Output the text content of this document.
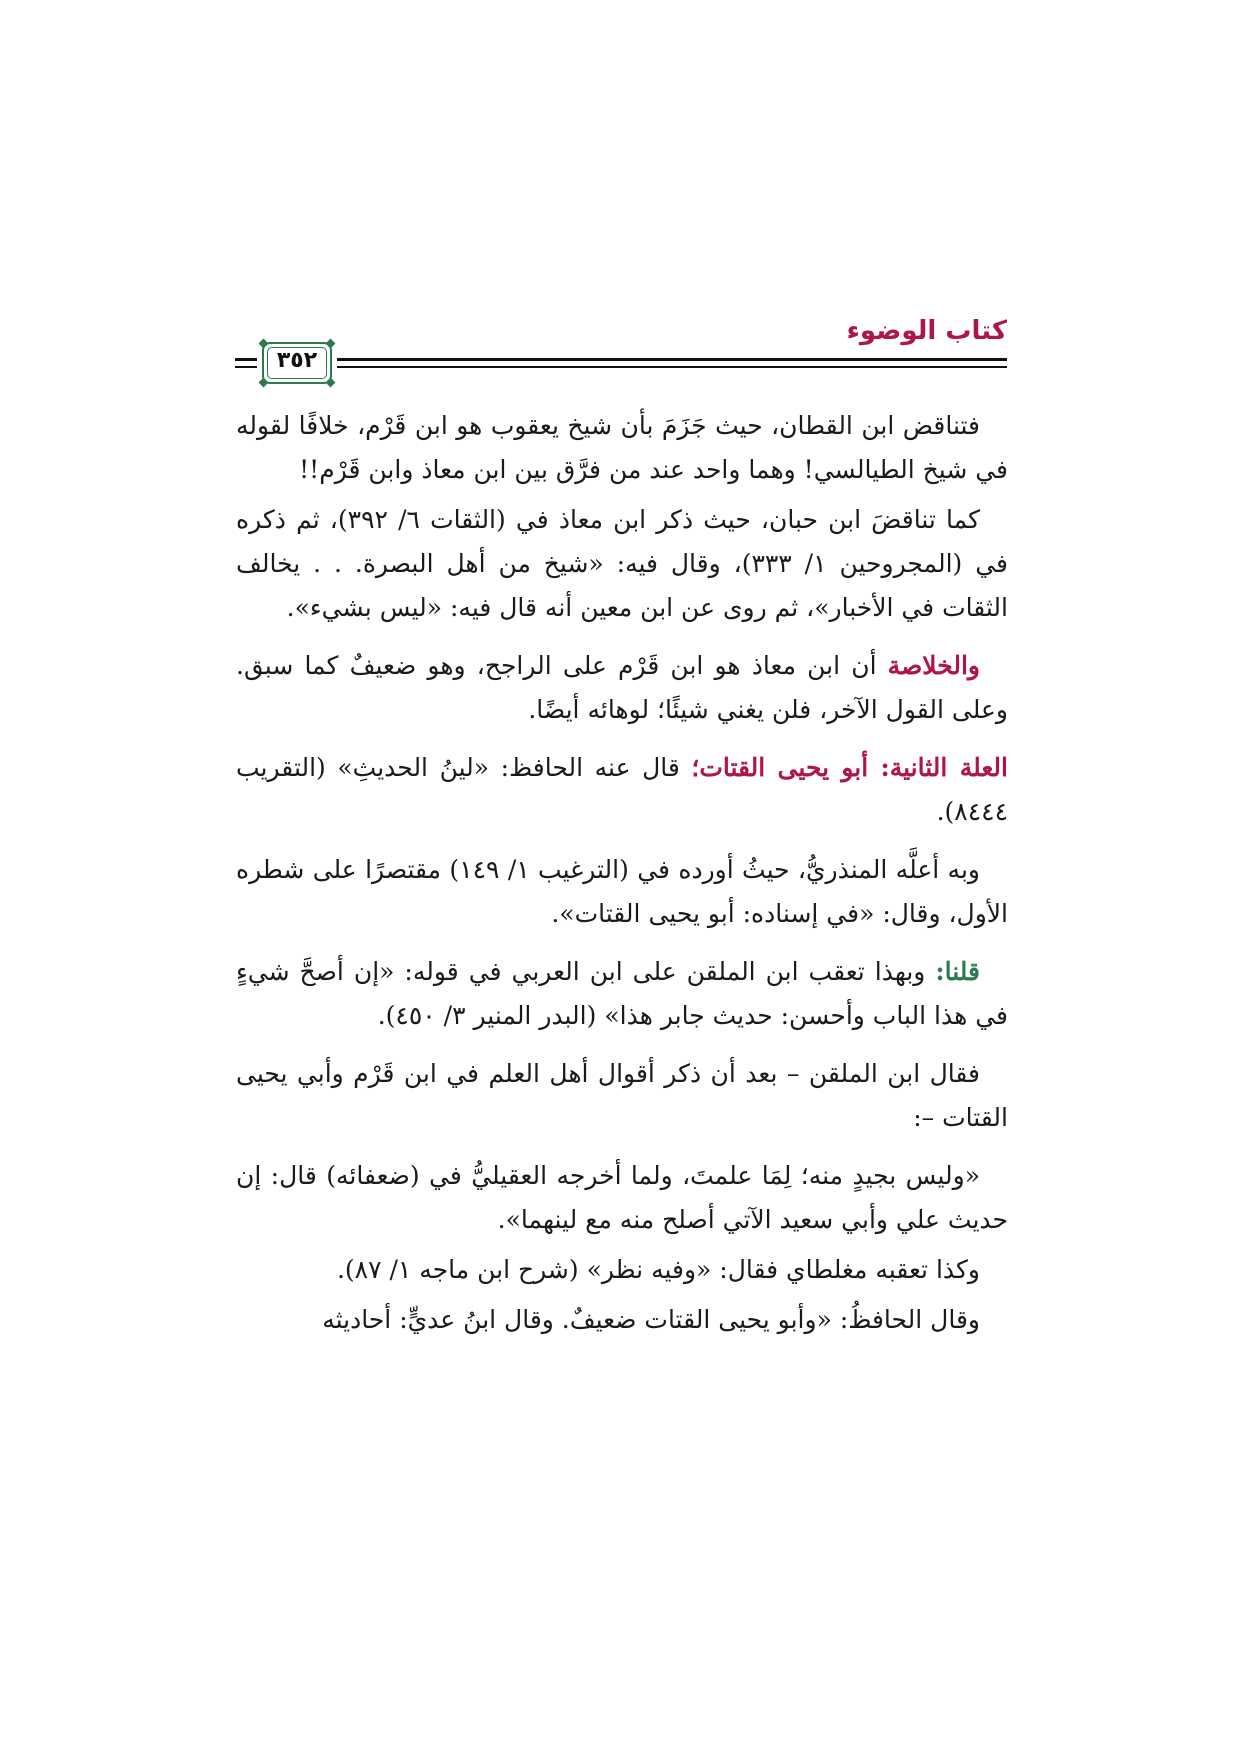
كتاب الوضوء
٣٥٢

فتناقض ابن القطان، حيث جَزَمَ بأن شيخ يعقوب هو ابن قَرْم، خلافًا لقوله في شيخ الطيالسي! وهما واحد عند من فرَّق بين ابن معاذ وابن قَرْم!!

كما تناقضَ ابن حبان، حيث ذكر ابن معاذ في (الثقات ٦/ ٣٩٢)، ثم ذكره في (المجروحين ١/ ٣٣٣)، وقال فيه: «شيخ من أهل البصرة. . . يخالف الثقات في الأخبار»، ثم روى عن ابن معين أنه قال فيه: «ليس بشيء».

والخلاصة أن ابن معاذ هو ابن قَرْم على الراجح، وهو ضعيفٌ كما سبق. وعلى القول الآخر، فلن يغني شيئًا؛ لوهائه أيضًا.

العلة الثانية: أبو يحيى القتات؛ قال عنه الحافظ: «لينُ الحديثِ» (التقريب ٨٤٤٤).

وبه أعلَّه المنذريُّ، حيثُ أورده في (الترغيب ١/ ١٤٩) مقتصرًا على شطره الأول، وقال: «في إسناده: أبو يحيى القتات».

قلنا: وبهذا تعقب ابن الملقن على ابن العربي في قوله: «إن أصحَّ شيءٍ في هذا الباب وأحسن: حديث جابر هذا» (البدر المنير ٣/ ٤٥٠).

فقال ابن الملقن – بعد أن ذكر أقوال أهل العلم في ابن قَرْم وأبي يحيى القتات –:

«وليس بجيدٍ منه؛ لِمَا علمتَ، ولما أخرجه العقيليُّ في (ضعفائه) قال: إن حديث علي وأبي سعيد الآتي أصلح منه مع لينهما».

وكذا تعقبه مغلطاي فقال: «وفيه نظر» (شرح ابن ماجه ١/ ٨٧).

وقال الحافظُ: «وأبو يحيى القتات ضعيفٌ. وقال ابنُ عديٍّ: أحاديثه
